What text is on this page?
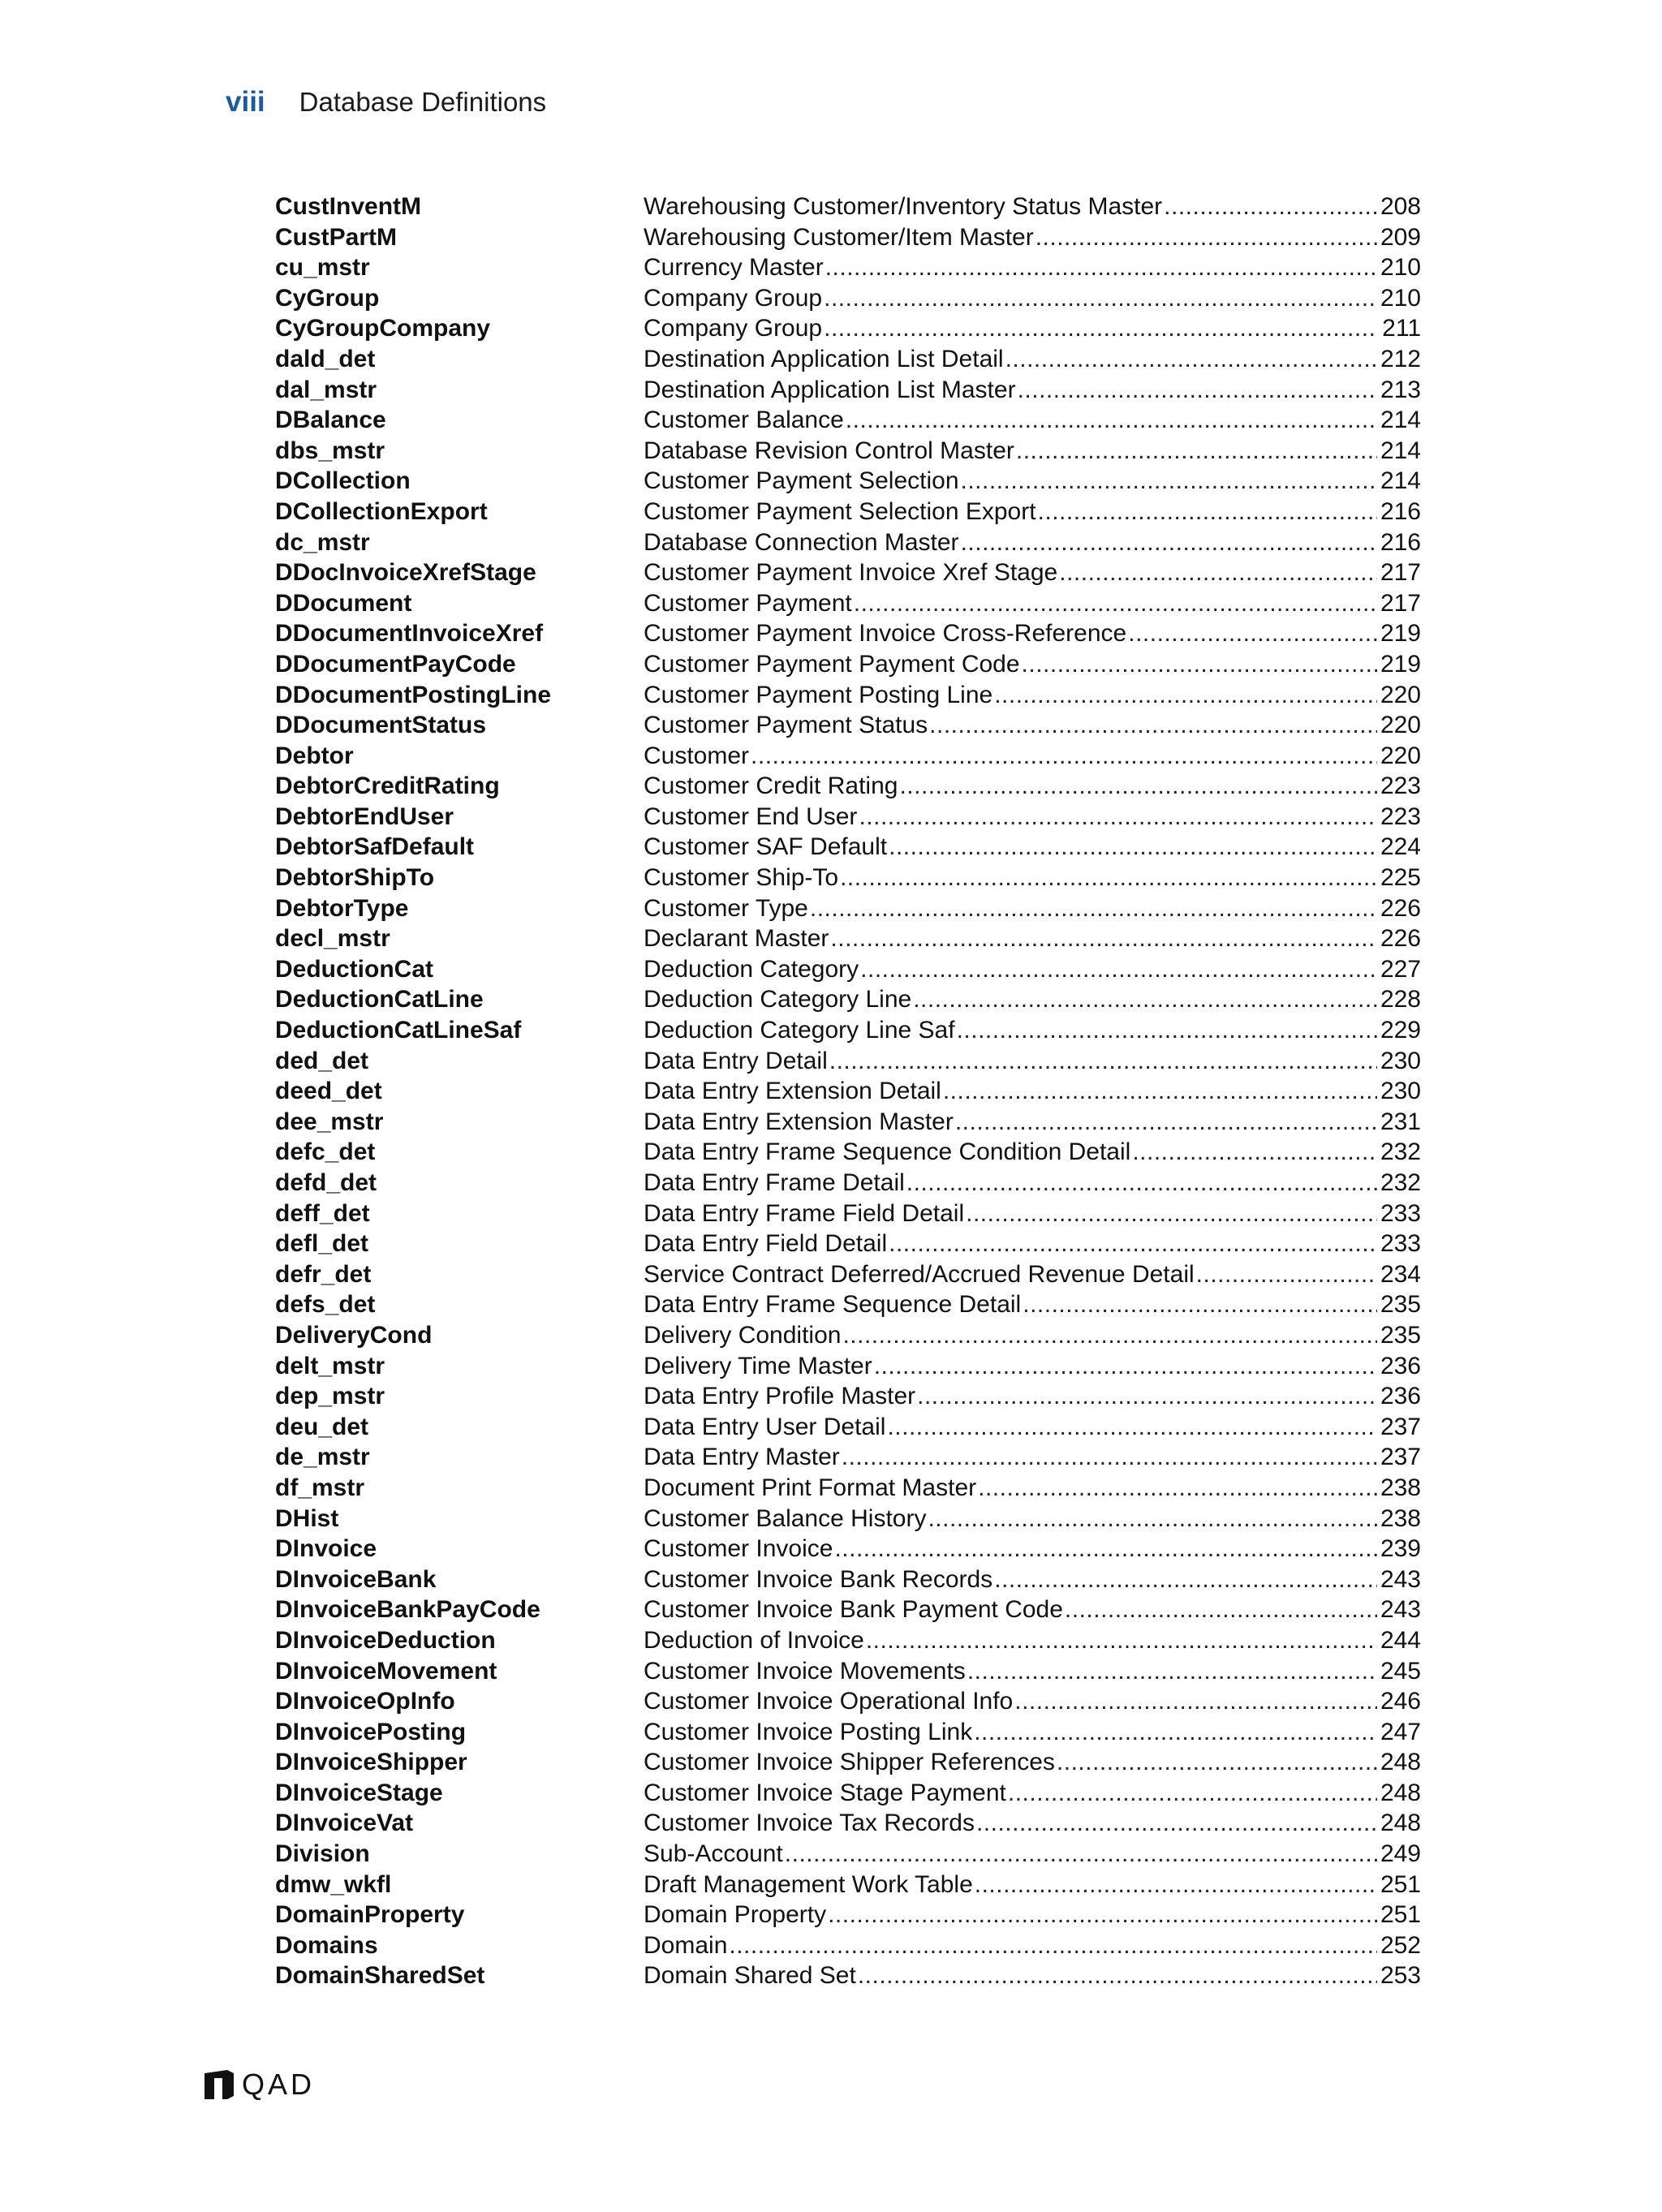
viii Database Definitions
CustInventM	Warehousing Customer/Inventory Status Master .....	208
CustPartM	Warehousing Customer/Item Master .....	209
cu_mstr	Currency Master .....	210
CyGroup	Company Group .....	210
CyGroupCompany	Company Group .....	211
dald_det	Destination Application List Detail .....	212
dal_mstr	Destination Application List Master .....	213
DBalance	Customer Balance .....	214
dbs_mstr	Database Revision Control Master .....	214
DCollection	Customer Payment Selection .....	214
DCollectionExport	Customer Payment Selection Export .....	216
dc_mstr	Database Connection Master .....	216
DDocInvoiceXrefStage	Customer Payment Invoice Xref Stage .....	217
DDocument	Customer Payment .....	217
DDocumentInvoiceXref	Customer Payment Invoice Cross-Reference .....	219
DDocumentPayCode	Customer Payment Payment Code .....	219
DDocumentPostingLine	Customer Payment Posting Line .....	220
DDocumentStatus	Customer Payment Status .....	220
Debtor	Customer .....	220
DebtorCreditRating	Customer Credit Rating .....	223
DebtorEndUser	Customer End User .....	223
DebtorSafDefault	Customer SAF Default .....	224
DebtorShipTo	Customer Ship-To .....	225
DebtorType	Customer Type .....	226
decl_mstr	Declarant Master .....	226
DeductionCat	Deduction Category .....	227
DeductionCatLine	Deduction Category Line .....	228
DeductionCatLineSaf	Deduction Category Line Saf .....	229
ded_det	Data Entry Detail .....	230
deed_det	Data Entry Extension Detail .....	230
dee_mstr	Data Entry Extension Master .....	231
defc_det	Data Entry Frame Sequence Condition Detail .....	232
defd_det	Data Entry Frame Detail .....	232
deff_det	Data Entry Frame Field Detail .....	233
defl_det	Data Entry Field Detail .....	233
defr_det	Service Contract Deferred/Accrued Revenue Detail .....	234
defs_det	Data Entry Frame Sequence Detail .....	235
DeliveryCond	Delivery Condition .....	235
delt_mstr	Delivery Time Master .....	236
dep_mstr	Data Entry Profile Master .....	236
deu_det	Data Entry User Detail .....	237
de_mstr	Data Entry Master .....	237
df_mstr	Document Print Format Master .....	238
DHist	Customer Balance History .....	238
DInvoice	Customer Invoice .....	239
DInvoiceBank	Customer Invoice Bank Records .....	243
DInvoiceBankPayCode	Customer Invoice Bank Payment Code .....	243
DInvoiceDeduction	Deduction of Invoice .....	244
DInvoiceMovement	Customer Invoice Movements .....	245
DInvoiceOpInfo	Customer Invoice Operational Info .....	246
DInvoicePosting	Customer Invoice Posting Link .....	247
DInvoiceShipper	Customer Invoice Shipper References .....	248
DInvoiceStage	Customer Invoice Stage Payment .....	248
DInvoiceVat	Customer Invoice Tax Records .....	248
Division	Sub-Account .....	249
dmw_wkfl	Draft Management Work Table .....	251
DomainProperty	Domain Property .....	251
Domains	Domain .....	252
DomainSharedSet	Domain Shared Set .....	253
QAD
